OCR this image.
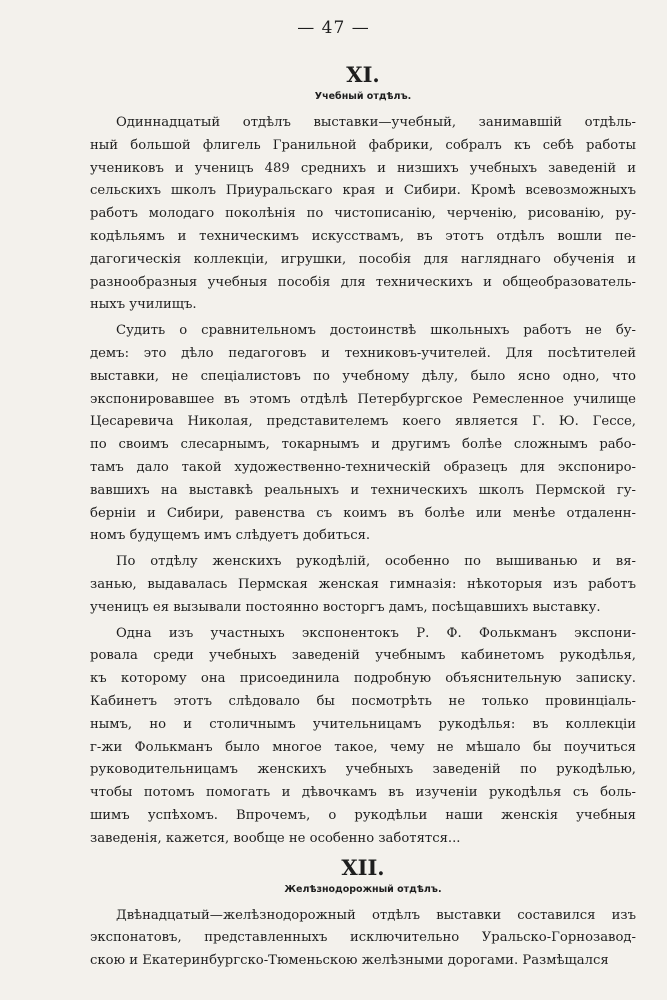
— 47 —
XI.
Учебный отдѣлъ.
Одиннадцатый отдѣлъ выставки—учебный, занимавшій отдѣль-
ный большой флигель Гранильной фабрики, собралъ къ себѣ работы
учениковъ и ученицъ 489 среднихъ и низшихъ учебныхъ заведеній и
сельскихъ школъ Приуральскаго края и Сибири. Кромѣ всевозможныхъ
работъ молодаго поколѣнія по чистописанію, черченію, рисованію, ру-
кодѣльямъ и техническимъ искусствамъ, въ этотъ отдѣлъ вошли пе-
дагогическія коллекціи, игрушки, пособія для нагляднаго обученія и
разнообразныя учебныя пособія для техническихъ и общеобразователь-
ныхъ училищъ.
Судить о сравнительномъ достоинствѣ школьныхъ работъ не бу-
демъ: это дѣло педагоговъ и техниковъ-учителей. Для посѣтителей
выставки, не спеціалистовъ по учебному дѣлу, было ясно одно, что
экспонировавшее въ этомъ отдѣлѣ Петербургское Ремесленное училище
Цесаревича Николая, представителемъ коего является Г. Ю. Гессе,
по своимъ слесарнымъ, токарнымъ и другимъ болѣе сложнымъ рабо-
тамъ дало такой художественно-техническій образецъ для экспониро-
вавшихъ на выставкѣ реальныхъ и техническихъ школъ Пермской гу-
берніи и Сибири, равенства съ коимъ въ болѣе или менѣе отдаленн-
номъ будущемъ имъ слѣдуетъ добиться.
По отдѣлу женскихъ рукодѣлій, особенно по вышиванью и вя-
занью, выдавалась Пермская женская гимназія: нѣкоторыя изъ работъ
ученицъ ея вызывали постоянно восторгъ дамъ, посѣщавшихъ выставку.
Одна изъ участныхъ экспонентокъ Р. Ф. Фолькманъ экспони-
ровала среди учебныхъ заведеній учебнымъ кабинетомъ рукодѣлья,
къ которому она присоединила подробную объяснительную записку.
Кабинетъ этотъ слѣдовало бы посмотрѣть не только провинціаль-
нымъ, но и столичнымъ учительницамъ рукодѣлья: въ коллекціи
г-жи Фолькманъ было многое такое, чему не мѣшало бы поучиться
руководительницамъ женскихъ учебныхъ заведеній по рукодѣлью,
чтобы потомъ помогать и дѣвочкамъ въ изученіи рукодѣлья съ боль-
шимъ успѣхомъ. Впрочемъ, о рукодѣльи наши женскія учебныя
заведенія, кажется, вообще не особенно заботятся...
XII.
Желѣзнодорожный отдѣлъ.
Двѣнадцатый—желѣзнодорожный отдѣлъ выставки составился изъ
экспонатовъ, представленныхъ исключительно Уральско-Горнозавод-
скою и Екатеринбургско-Тюменьскою желѣзными дорогами. Размѣщался
